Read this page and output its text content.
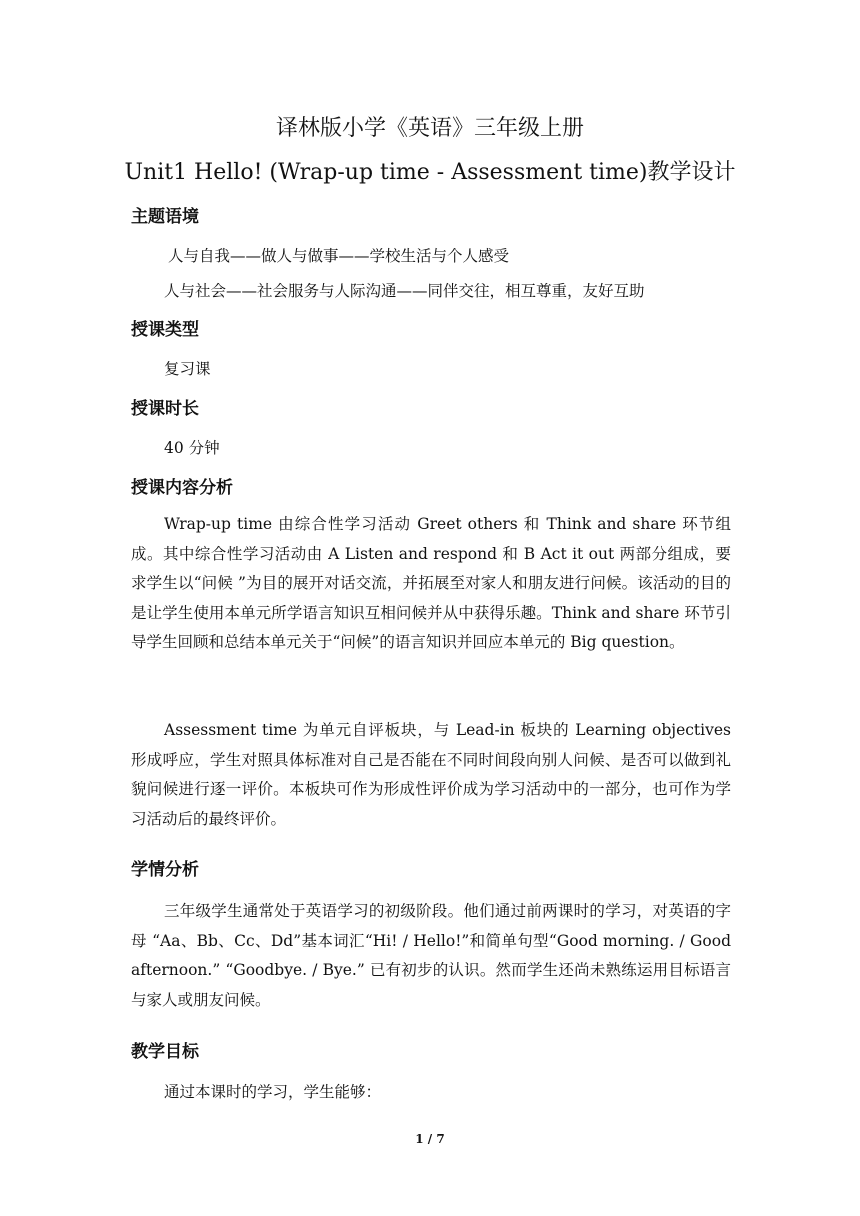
译林版小学《英语》三年级上册
Unit1 Hello! (Wrap-up time - Assessment time)教学设计
主题语境
人与自我——做人与做事——学校生活与个人感受
人与社会——社会服务与人际沟通——同伴交往，相互尊重，友好互助
授课类型
复习课
授课时长
40 分钟
授课内容分析
Wrap-up time 由综合性学习活动 Greet others 和 Think and share 环节组成。其中综合性学习活动由 A Listen and respond 和 B Act it out 两部分组成，要求学生以“问候 ”为目的展开对话交流，并拓展至对家人和朋友进行问候。该活动的目的是让学生使用本单元所学语言知识互相问候并从中获得乐趣。Think and share 环节引导学生回顾和总结本单元关于“问候”的语言知识并回应本单元的 Big question。
Assessment time 为单元自评板块，与 Lead-in 板块的 Learning objectives 形成呼应，学生对照具体标准对自己是否能在不同时间段向别人问候、是否可以做到礼貌问候进行逐一评价。本板块可作为形成性评价成为学习活动中的一部分，也可作为学习活动后的最终评价。
学情分析
三年级学生通常处于英语学习的初级阶段。他们通过前两课时的学习，对英语的字母 “Aa、Bb、Cc、Dd”基本词汇“Hi! / Hello!”和简单句型“Good morning. / Good afternoon.” “Goodbye. / Bye.” 已有初步的认识。然而学生还尚未熟练运用目标语言与家人或朋友问候。
教学目标
通过本课时的学习，学生能够：
1 / 7
